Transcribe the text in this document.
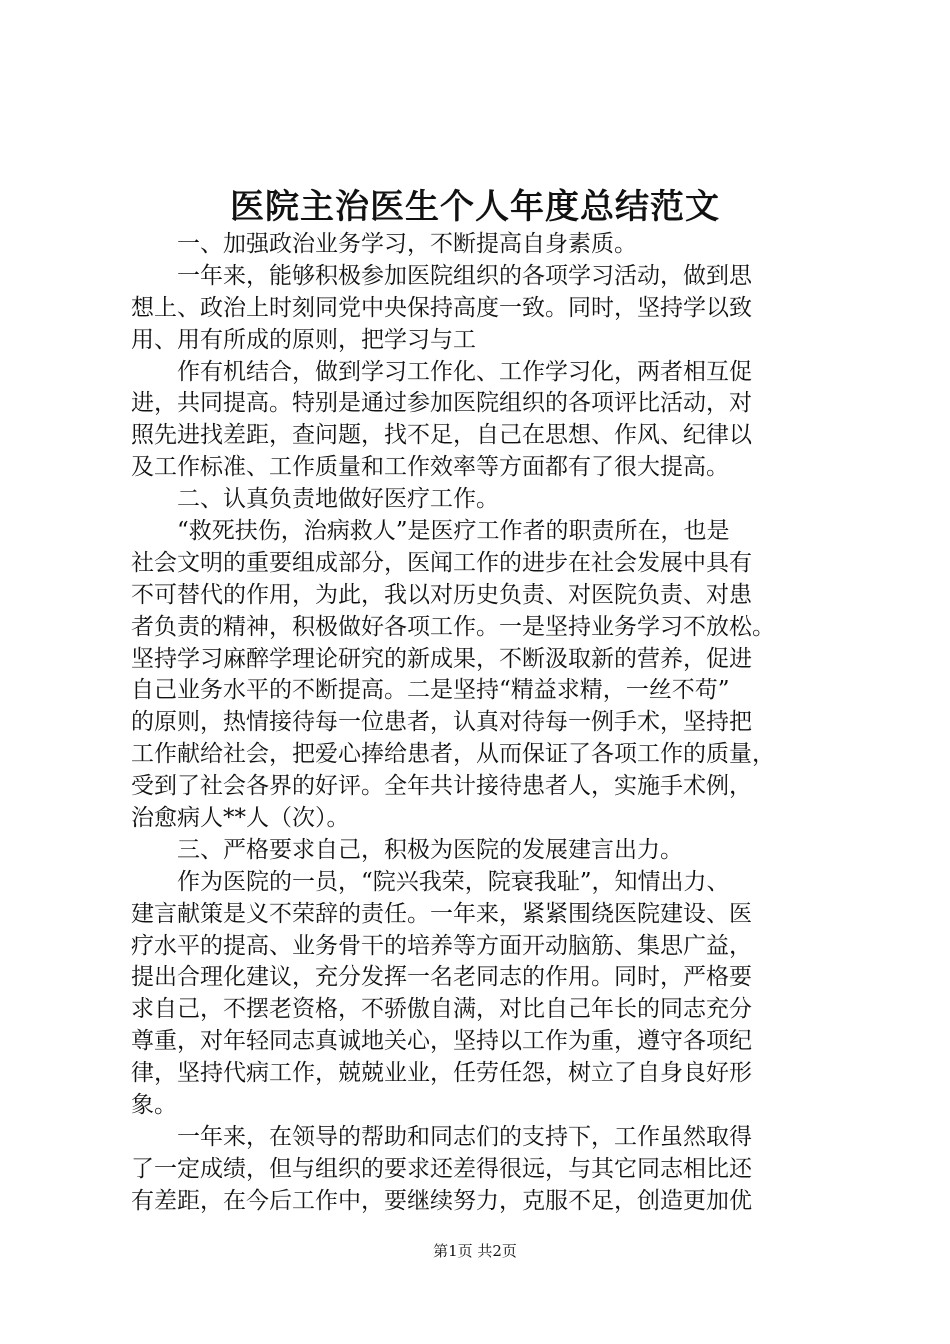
医院主治医生个人年度总结范文
一、加强政治业务学习，不断提高自身素质。
一年来，能够积极参加医院组织的各项学习活动，做到思
想上、政治上时刻同党中央保持高度一致。同时，坚持学以致
用、用有所成的原则，把学习与工
作有机结合，做到学习工作化、工作学习化，两者相互促
进，共同提高。特别是通过参加医院组织的各项评比活动，对
照先进找差距，查问题，找不足，自己在思想、作风、纪律以
及工作标准、工作质量和工作效率等方面都有了很大提高。
二、认真负责地做好医疗工作。
“救死扶伤，治病救人”是医疗工作者的职责所在，也是
社会文明的重要组成部分，医闻工作的进步在社会发展中具有
不可替代的作用，为此，我以对历史负责、对医院负责、对患
者负责的精神，积极做好各项工作。一是坚持业务学习不放松。
坚持学习麻醉学理论研究的新成果，不断汲取新的营养，促进
自己业务水平的不断提高。二是坚持“精益求精，一丝不苟”
的原则，热情接待每一位患者，认真对待每一例手术，坚持把
工作献给社会，把爱心捧给患者，从而保证了各项工作的质量，
受到了社会各界的好评。全年共计接待患者人，实施手术例，
治愈病人**人（次）。
三、严格要求自己，积极为医院的发展建言出力。
作为医院的一员，“院兴我荣，院衰我耻”，知情出力、
建言献策是义不荣辞的责任。一年来，紧紧围绕医院建设、医
疗水平的提高、业务骨干的培养等方面开动脑筋、集思广益，
提出合理化建议，充分发挥一名老同志的作用。同时，严格要
求自己，不摆老资格，不骄傲自满，对比自己年长的同志充分
尊重，对年轻同志真诚地关心，坚持以工作为重，遵守各项纪
律，坚持代病工作，兢兢业业，任劳任怨，树立了自身良好形
象。
一年来，在领导的帮助和同志们的支持下，工作虽然取得
了一定成绩，但与组织的要求还差得很远，与其它同志相比还
有差距，在今后工作中，要继续努力，克服不足，创造更加优
第1页 共2页
